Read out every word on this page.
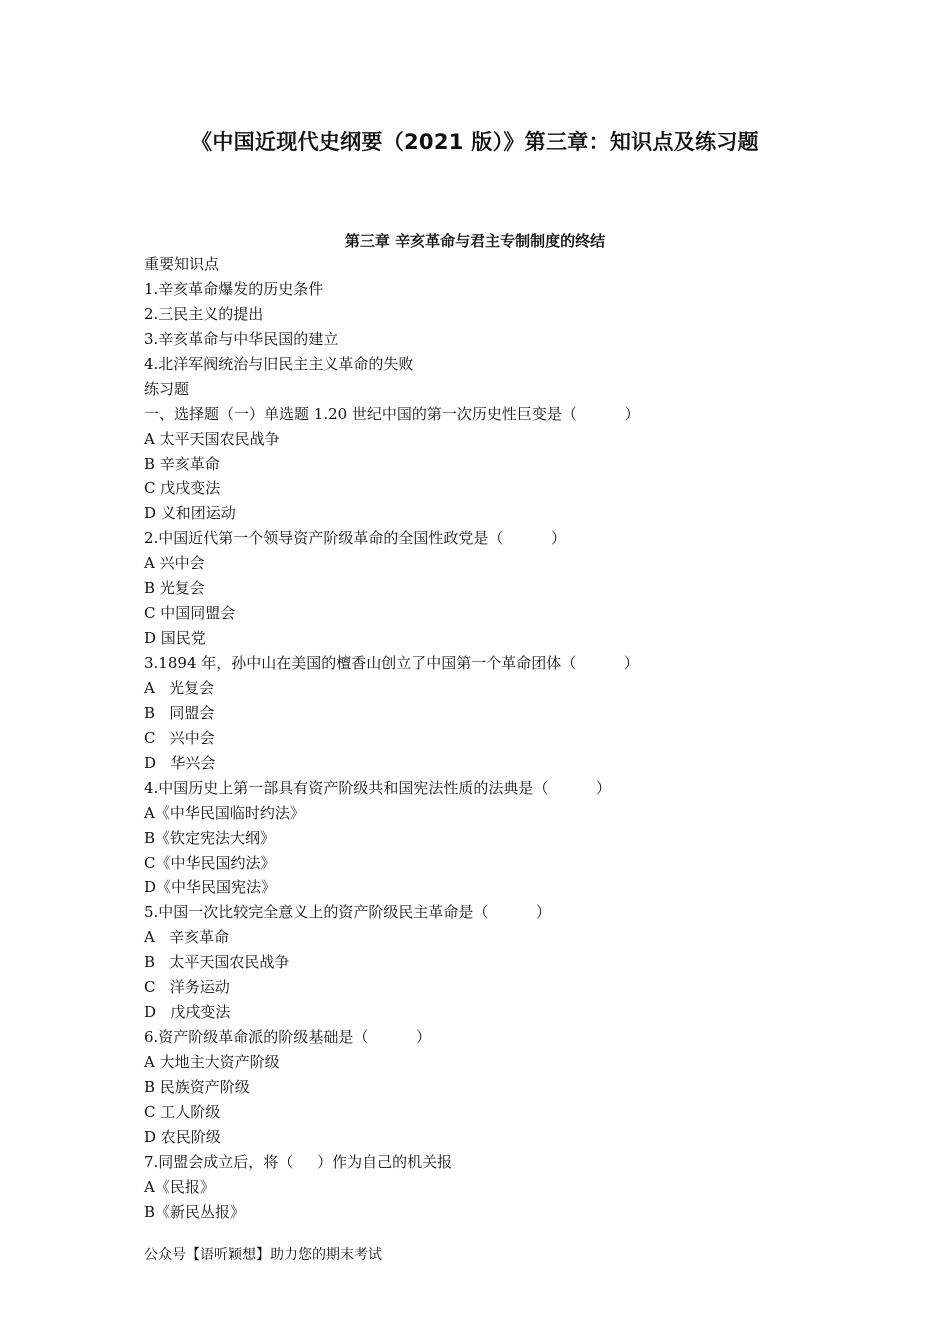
《中国近现代史纲要（2021 版）》第三章：知识点及练习题
第三章 辛亥革命与君主专制制度的终结
重要知识点
1.辛亥革命爆发的历史条件
2.三民主义的提出
3.辛亥革命与中华民国的建立
4.北洋军阀统治与旧民主主义革命的失败
练习题
一、选择题（一）单选题 1.20 世纪中国的第一次历史性巨变是（          ）
A 太平天国农民战争
B 辛亥革命
C 戊戌变法
D 义和团运动
2.中国近代第一个领导资产阶级革命的全国性政党是（          ）
A 兴中会
B 光复会
C 中国同盟会
D 国民党
3.1894 年，孙中山在美国的檀香山创立了中国第一个革命团体（          ）
A   光复会
B   同盟会
C   兴中会
D   华兴会
4.中国历史上第一部具有资产阶级共和国宪法性质的法典是（          ）
A《中华民国临时约法》
B《钦定宪法大纲》
C《中华民国约法》
D《中华民国宪法》
5.中国一次比较完全意义上的资产阶级民主革命是（          ）
A   辛亥革命
B   太平天国农民战争
C   洋务运动
D   戊戌变法
6.资产阶级革命派的阶级基础是（          ）
A 大地主大资产阶级
B 民族资产阶级
C 工人阶级
D 农民阶级
7.同盟会成立后，将（     ）作为自己的机关报
A《民报》
B《新民丛报》
公众号【语听颖想】助力您的期末考试
